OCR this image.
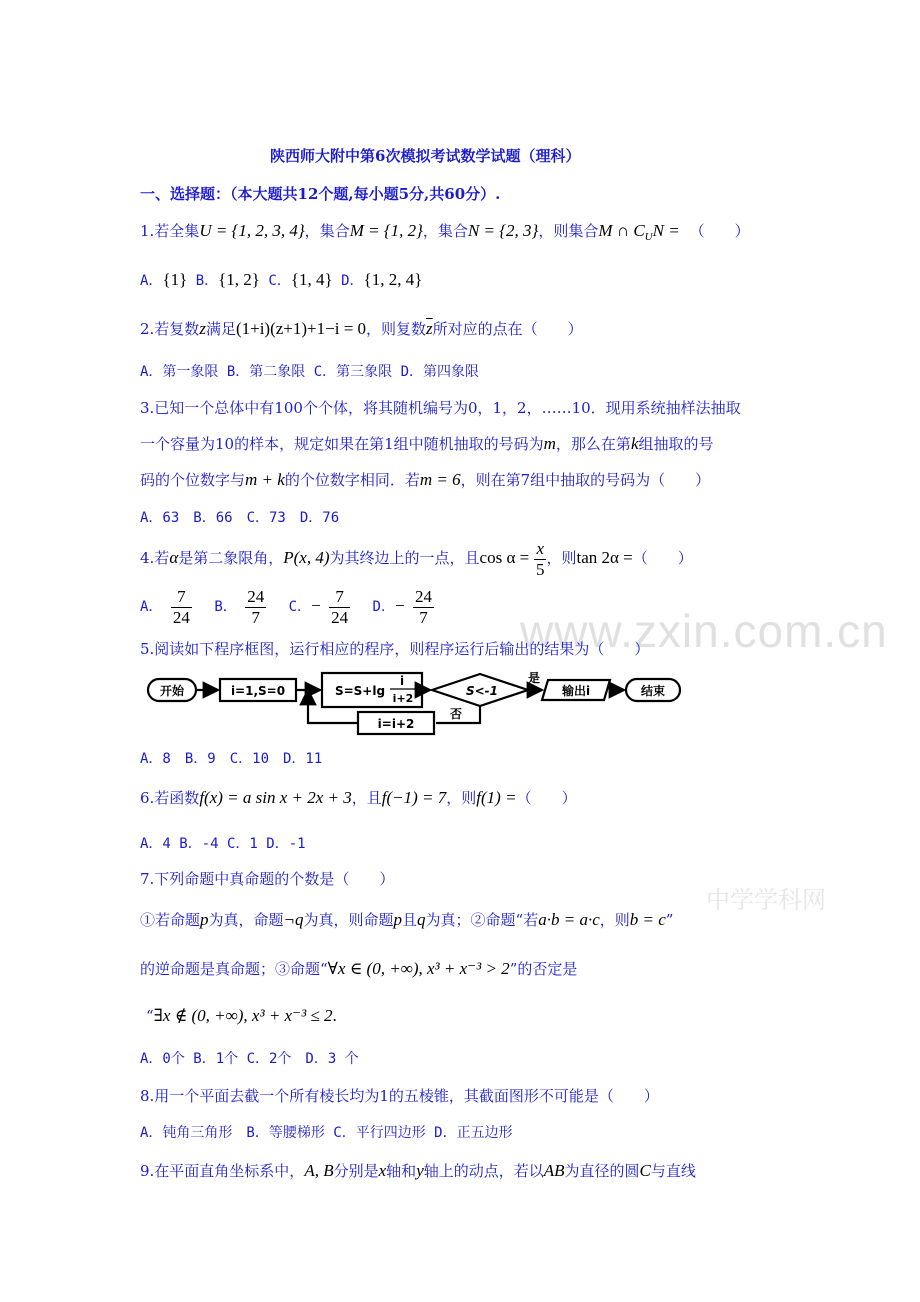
陕西师大附中第6次模拟考试数学试题（理科）
一、选择题：（本大题共12个题,每小题5分,共60分）.
1.若全集U = {1, 2, 3, 4}，集合M = {1, 2}，集合N = {2, 3}，则集合M ∩ $C_UN$ = （　　）
A．{1} B．{1, 2} C．{1, 4} D．{1, 2, 4}
2.若复数z满足(1+i)(z+1)+1−i = 0，则复数$\overline{z}$所对应的点在（　　）
A．第一象限 B．第二象限 C．第三象限 D．第四象限
3.已知一个总体中有100个个体，将其随机编号为0，1，2，……10．现用系统抽样法抽取
一个容量为10的样本，规定如果在第1组中随机抽取的号码为m，那么在第k组抽取的号
码的个位数字与m + k的个位数字相同．若m = 6，则在第7组中抽取的号码为（　　）
A．63　B．66　C．73　D．76
4.若α是第二象限角，P(x, 4)为其终边上的一点，且$\cos \alpha = \frac{x}{5}$ ，则tan 2α =（　　）
A． $\frac{7}{24}$ B． $\frac{24}{7}$ C．− $\frac{7}{24}$ D．− $\frac{24}{7}$ www.zxin.com.cn
5.阅读如下程序框图，运行相应的程序，则程序运行后输出的结果为（　　）
开始	i=1,S=0	S=S+lg
i
i+2
S<-1
是
输出i	结束
否
i=i+2
A．8　B．9　C．10　D．11
6.若函数f(x) = a sin x + 2x + 3，且f(−1) = 7，则f(1) =（　　）
A．4 B．-4 C．1 D．-1
7.下列命题中真命题的个数是（　　）
中学学科网
①若命题p为真，命题¬q为真，则命题p且q为真；②命题“若a·b = a·c，则b = c”
的逆命题是真命题；③命题“∀x ∈ (0, +∞), x³ + x⁻³ > 2”的否定是
“∃x ∉ (0, +∞), x³ + x⁻³ ≤ 2.
A．0个 B．1个 C．2个　D．3 个
8.用一个平面去截一个所有棱长均为1的五棱锥，其截面图形不可能是（　　）
A．钝角三角形　B．等腰梯形 C．平行四边形 D．正五边形
9.在平面直角坐标系中，A, B分别是x轴和y轴上的动点，若以AB为直径的圆C与直线
